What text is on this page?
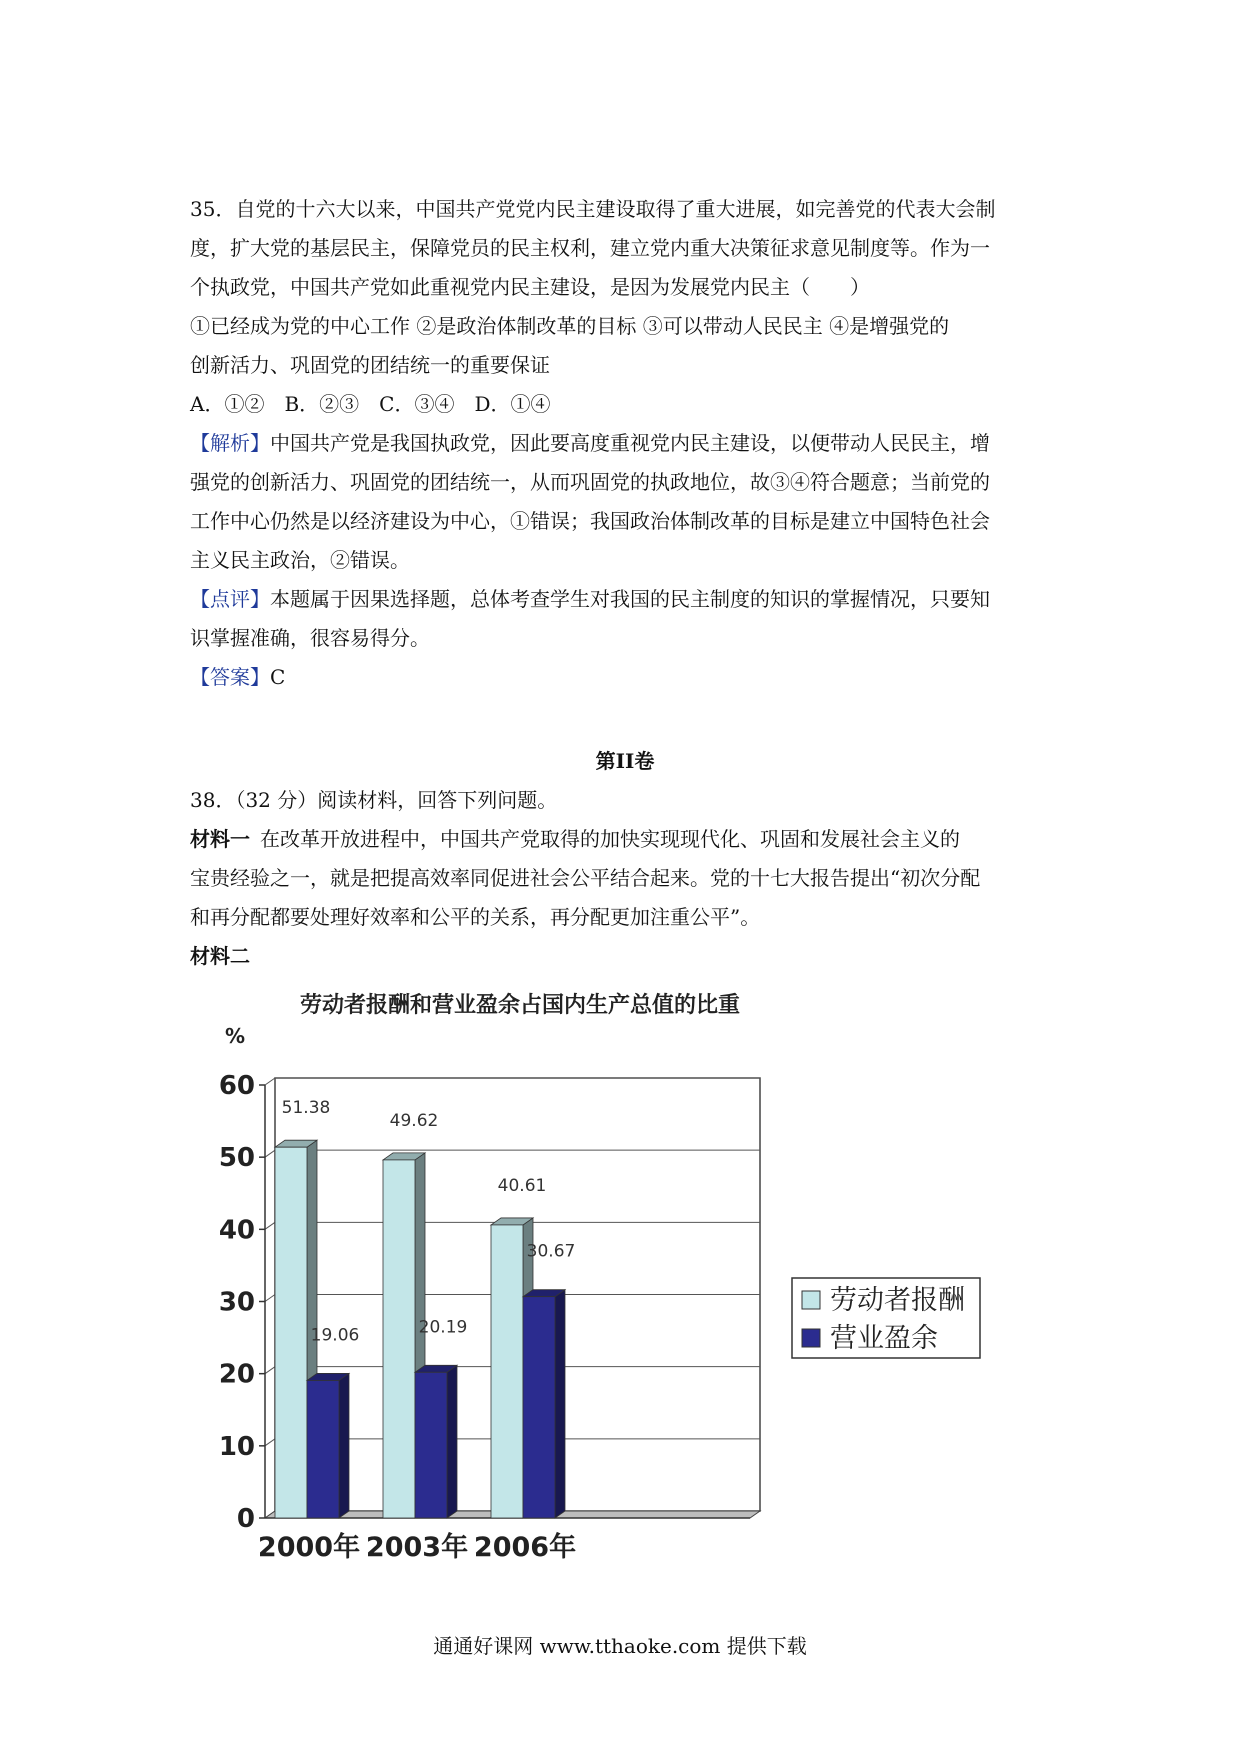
35．自党的十六大以来，中国共产党党内民主建设取得了重大进展，如完善党的代表大会制
度，扩大党的基层民主，保障党员的民主权利，建立党内重大决策征求意见制度等。作为一
个执政党，中国共产党如此重视党内民主建设，是因为发展党内民主（　　）
①已经成为党的中心工作 ②是政治体制改革的目标 ③可以带动人民民主 ④是增强党的
创新活力、巩固党的团结统一的重要保证
A．①②　B．②③　C．③④　D．①④
【解析】中国共产党是我国执政党，因此要高度重视党内民主建设，以便带动人民民主，增
强党的创新活力、巩固党的团结统一，从而巩固党的执政地位，故③④符合题意；当前党的
工作中心仍然是以经济建设为中心，①错误；我国政治体制改革的目标是建立中国特色社会
主义民主政治，②错误。
【点评】本题属于因果选择题，总体考查学生对我国的民主制度的知识的掌握情况，只要知
识掌握准确，很容易得分。
【答案】C
第II卷
38．（32 分）阅读材料，回答下列问题。
材料一  在改革开放进程中，中国共产党取得的加快实现现代化、巩固和发展社会主义的
宝贵经验之一，就是把提高效率同促进社会公平结合起来。党的十七大报告提出“初次分配
和再分配都要处理好效率和公平的关系，再分配更加注重公平”。
材料二
劳动者报酬和营业盈余占国内生产总值的比重
%
0
10
20
30
40
50
60
51.38
19.06
2000年
49.62
20.19
2003年
40.61
30.67
2006年
劳动者报酬
营业盈余
通通好课网 www.tthaoke.com 提供下载
